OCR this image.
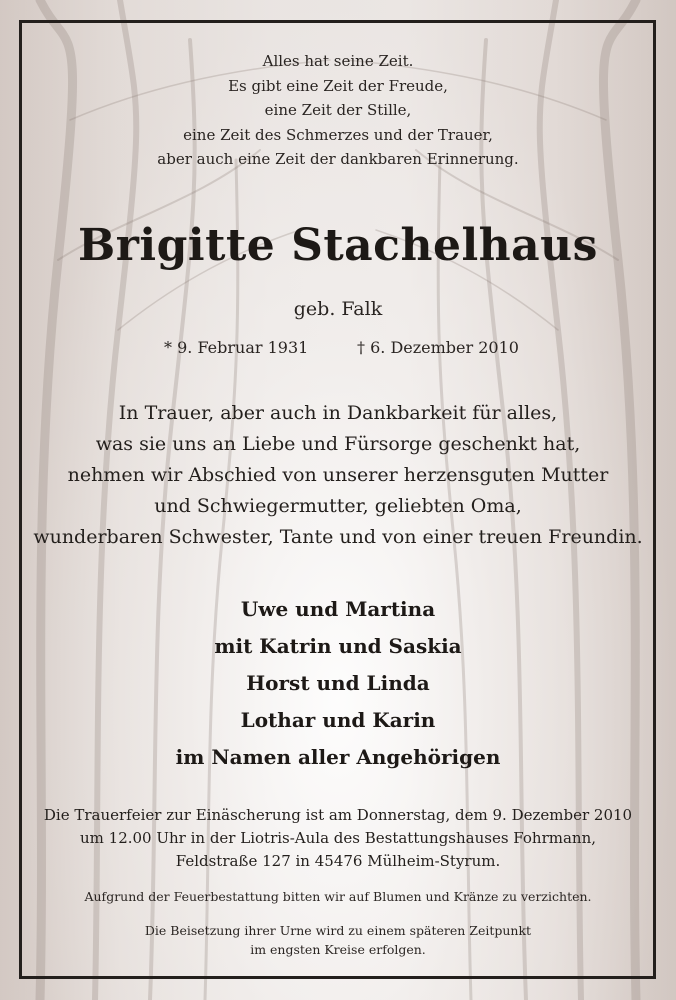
Alles hat seine Zeit.
Es gibt eine Zeit der Freude,
eine Zeit der Stille,
eine Zeit des Schmerzes und der Trauer,
aber auch eine Zeit der dankbaren Erinnerung.
Brigitte Stachelhaus
geb. Falk
* 9. Februar 1931	† 6. Dezember 2010
In Trauer, aber auch in Dankbarkeit für alles,
was sie uns an Liebe und Fürsorge geschenkt hat,
nehmen wir Abschied von unserer herzensguten Mutter
und Schwiegermutter, geliebten Oma,
wunderbaren Schwester, Tante und von einer treuen Freundin.
Uwe und Martina
mit Katrin und Saskia
Horst und Linda
Lothar und Karin
im Namen aller Angehörigen
Die Trauerfeier zur Einäscherung ist am Donnerstag, dem 9. Dezember 2010
um 12.00 Uhr in der Liotris-Aula des Bestattungshauses Fohrmann,
Feldstraße 127 in 45476 Mülheim-Styrum.
Aufgrund der Feuerbestattung bitten wir auf Blumen und Kränze zu verzichten.
Die Beisetzung ihrer Urne wird zu einem späteren Zeitpunkt
im engsten Kreise erfolgen.
